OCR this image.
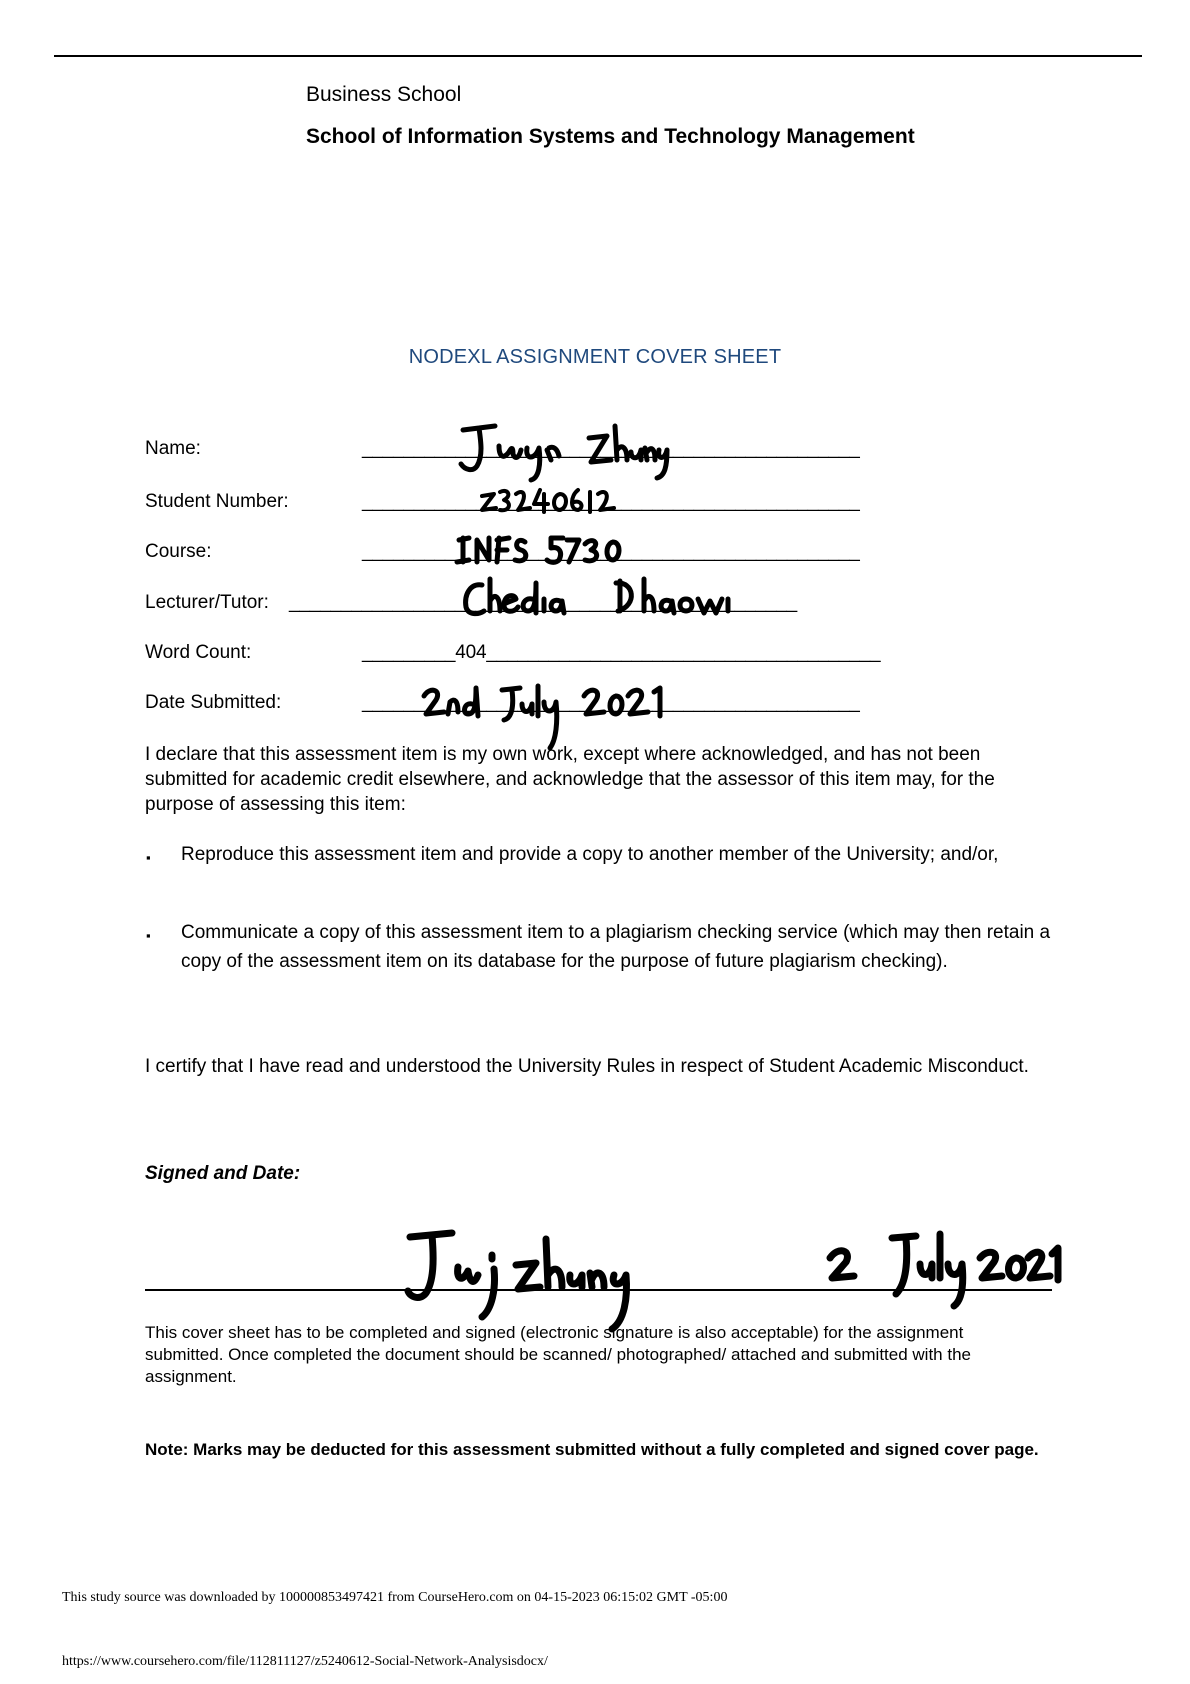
Business School
School of Information Systems and Technology Management
NODEXL ASSIGNMENT COVER SHEET
Name:	________________________________________________
Student Number:	________________________________________________
Course:	________________________________________________
Lecturer/Tutor: _________________________________________________
Word Count:	_________404______________________________________
Date Submitted:	________________________________________________
I declare that this assessment item is my own work, except where acknowledged, and has not been submitted for academic credit elsewhere, and acknowledge that the assessor of this item may, for the purpose of assessing this item:
▪ Reproduce this assessment item and provide a copy to another member of the University; and/or,
▪ Communicate a copy of this assessment item to a plagiarism checking service (which may then retain a copy of the assessment item on its database for the purpose of future plagiarism checking).
I certify that I have read and understood the University Rules in respect of Student Academic Misconduct.
Signed and Date:
This cover sheet has to be completed and signed (electronic signature is also acceptable) for the assignment submitted. Once completed the document should be scanned/ photographed/ attached and submitted with the assignment.
Note: Marks may be deducted for this assessment submitted without a fully completed and signed cover page.
This study source was downloaded by 100000853497421 from CourseHero.com on 04-15-2023 06:15:02 GMT -05:00
https://www.coursehero.com/file/112811127/z5240612-Social-Network-Analysisdocx/
